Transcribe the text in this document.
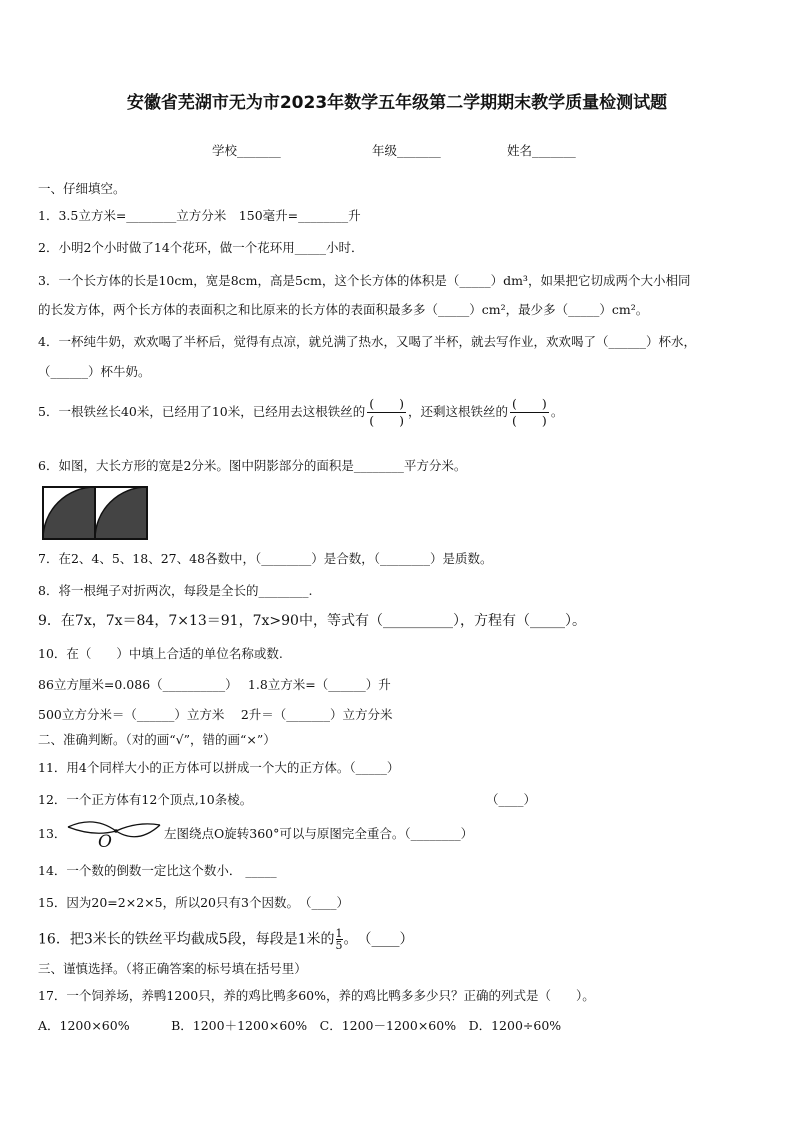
安徽省芜湖市无为市2023年数学五年级第二学期期末教学质量检测试题
学校_______	年级_______	姓名_______
一、仔细填空。
1．3.5立方米=________立方分米　150毫升=________升
2．小明2个小时做了14个花环，做一个花环用_____小时．
3．一个长方体的长是10cm，宽是8cm，高是5cm，这个长方体的体积是（_____）dm³，如果把它切成两个大小相同
的长发方体，两个长方体的表面积之和比原来的长方体的表面积最多多（_____）cm²，最少多（_____）cm²。
4．一杯纯牛奶，欢欢喝了半杯后，觉得有点凉，就兑满了热水，又喝了半杯，就去写作业，欢欢喝了（______）杯水，
（______）杯牛奶。
5．一根铁丝长40米，已经用了10米，已经用去这根铁丝的 $\frac{( )}{( )}$ ，还剩这根铁丝的 $\frac{( )}{( )}$ 。
6．如图，大长方形的宽是2分米。图中阴影部分的面积是________平方分米。
7．在2、4、5、18、27、48各数中，（________）是合数，（________）是质数。
8．将一根绳子对折两次，每段是全长的________.
9．在7x，7x＝84，7×13＝91，7x>90中，等式有（__________），方程有（_____）。
10．在（　　）中填上合适的单位名称或数.
86立方厘米=0.086（__________）　 1.8立方米=（______）升
500立方分米＝（______）立方米　 2升＝（_______）立方分米
二、准确判断。（对的画“√”，错的画“×”）
11．用4个同样大小的正方体可以拼成一个大的正方体。（_____）
12．一个正方体有12个顶点,10条棱。	（____）
13． O	左图绕点O旋转360°可以与原图完全重合。（________）
14．一个数的倒数一定比这个数小． _____
15．因为20=2×2×5，所以20只有3个因数。　（____）
16．把3米长的铁丝平均截成5段，每段是1米的 $\frac{1}{5}$ 。　（____）
三、谨慎选择。（将正确答案的标号填在括号里）
17．一个饲养场，养鸭1200只，养的鸡比鸭多60%，养的鸡比鸭多多少只？正确的列式是（　　）。
A．1200×60%　　　 B．1200＋1200×60%　C．1200－1200×60%　D．1200÷60%
